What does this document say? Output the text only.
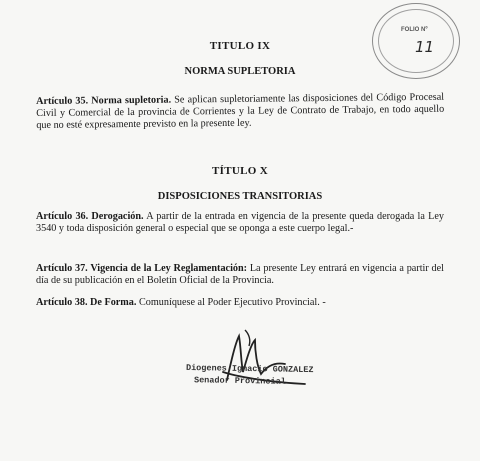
FOLIO Nº
11
TITULO IX
NORMA SUPLETORIA
Artículo 35. Norma supletoria. Se aplican supletoriamente las disposiciones del Código Procesal Civil y Comercial de la provincia de Corrientes y la Ley de Contrato de Trabajo, en todo aquello que no esté expresamente previsto en la presente ley.
TÍTULO X
DISPOSICIONES TRANSITORIAS
Artículo 36. Derogación. A partir de la entrada en vigencia de la presente queda derogada la Ley 3540 y toda disposición general o especial que se oponga a este cuerpo legal.-
Artículo 37. Vigencia de la Ley Reglamentación: La presente Ley entrará en vigencia a partir del día de su publicación en el Boletín Oficial de la Provincia.
Artículo 38. De Forma. Comuníquese al Poder Ejecutivo Provincial. -
Diogenes Ignacio GONZALEZ
Senador Provincial
